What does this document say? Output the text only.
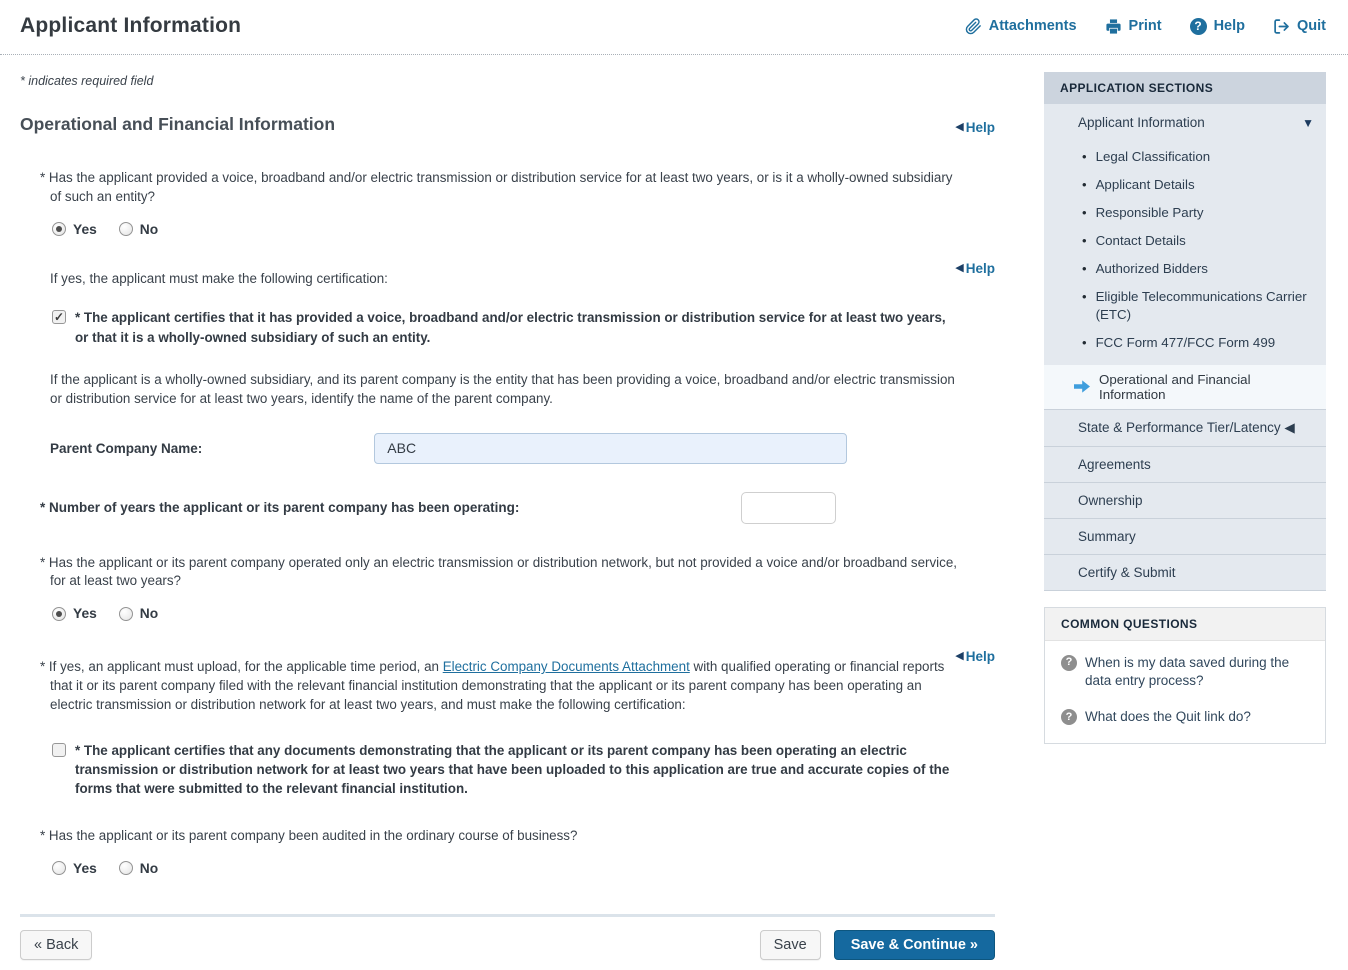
Applicant Information	Attachments	Print	? Help	Quit

* indicates required field

Operational and Financial Information	◀ Help

* Has the applicant provided a voice, broadband and/or electric transmission or distribution service for at least two years, or is it a wholly-owned subsidiary of such an entity?

Yes	No
◀ Help

If yes, the applicant must make the following certification:

✓
* The applicant certifies that it has provided a voice, broadband and/or electric transmission or distribution service for at least two years, or that it is a wholly-owned subsidiary of such an entity.

If the applicant is a wholly-owned subsidiary, and its parent company is the entity that has been providing a voice, broadband and/or electric transmission or distribution service for at least two years, identify the name of the parent company.

Parent Company Name:
ABC
* Number of years the applicant or its parent company has been operating:

* Has the applicant or its parent company operated only an electric transmission or distribution network, but not provided a voice and/or broadband service, for at least two years?

Yes	No
◀ Help

* If yes, an applicant must upload, for the applicable time period, an Electric Company Documents Attachment with qualified operating or financial reports that it or its parent company filed with the relevant financial institution demonstrating that the applicant or its parent company has been operating an electric transmission or distribution network for at least two years, and must make the following certification:

* The applicant certifies that any documents demonstrating that the applicant or its parent company has been operating an electric transmission or distribution network for at least two years that have been uploaded to this application are true and accurate copies of the forms that were submitted to the relevant financial institution.

* Has the applicant or its parent company been audited in the ordinary course of business?

Yes	No
« Back	Save	Save & Continue »
APPLICATION SECTIONS
Applicant Information	▼
• Legal Classification
• Applicant Details
• Responsible Party
• Contact Details
• Authorized Bidders
• Eligible Telecommunications Carrier (ETC)
• FCC Form 477/FCC Form 499
Operational and Financial Information
State & Performance Tier/Latency ◀
Agreements
Ownership
Summary
Certify & Submit
COMMON QUESTIONS
? When is my data saved during the data entry process?
? What does the Quit link do?
